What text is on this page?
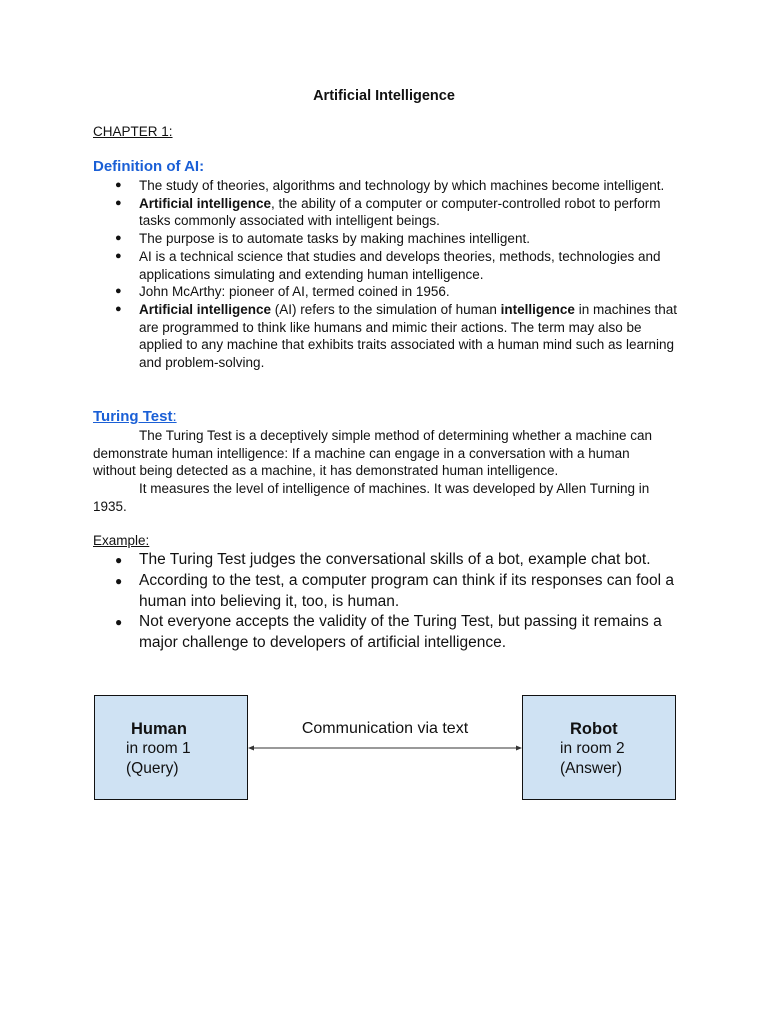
Artificial Intelligence
CHAPTER 1:
Definition of AI:
● The study of theories, algorithms and technology by which machines become intelligent.
● Artificial intelligence, the ability of a computer or computer-controlled robot to perform tasks commonly associated with intelligent beings.
● The purpose is to automate tasks by making machines intelligent.
● AI is a technical science that studies and develops theories, methods, technologies and applications simulating and extending human intelligence.
● John McArthy: pioneer of AI, termed coined in 1956.
● Artificial intelligence (AI) refers to the simulation of human intelligence in machines that are programmed to think like humans and mimic their actions. The term may also be applied to any machine that exhibits traits associated with a human mind such as learning and problem-solving.
Turing Test:

The Turing Test is a deceptively simple method of determining whether a machine can demonstrate human intelligence: If a machine can engage in a conversation with a human without being detected as a machine, it has demonstrated human intelligence.

It measures the level of intelligence of machines. It was developed by Allen Turning in 1935.

Example:
● The Turing Test judges the conversational skills of a bot, example chat bot.
● According to the test, a computer program can think if its responses can fool a human into believing it, too, is human.
● Not everyone accepts the validity of the Turing Test, but passing it remains a major challenge to developers of artificial intelligence.
Human
in room 1
(Query)
Communication via text	Robot
in room 2
(Answer)
